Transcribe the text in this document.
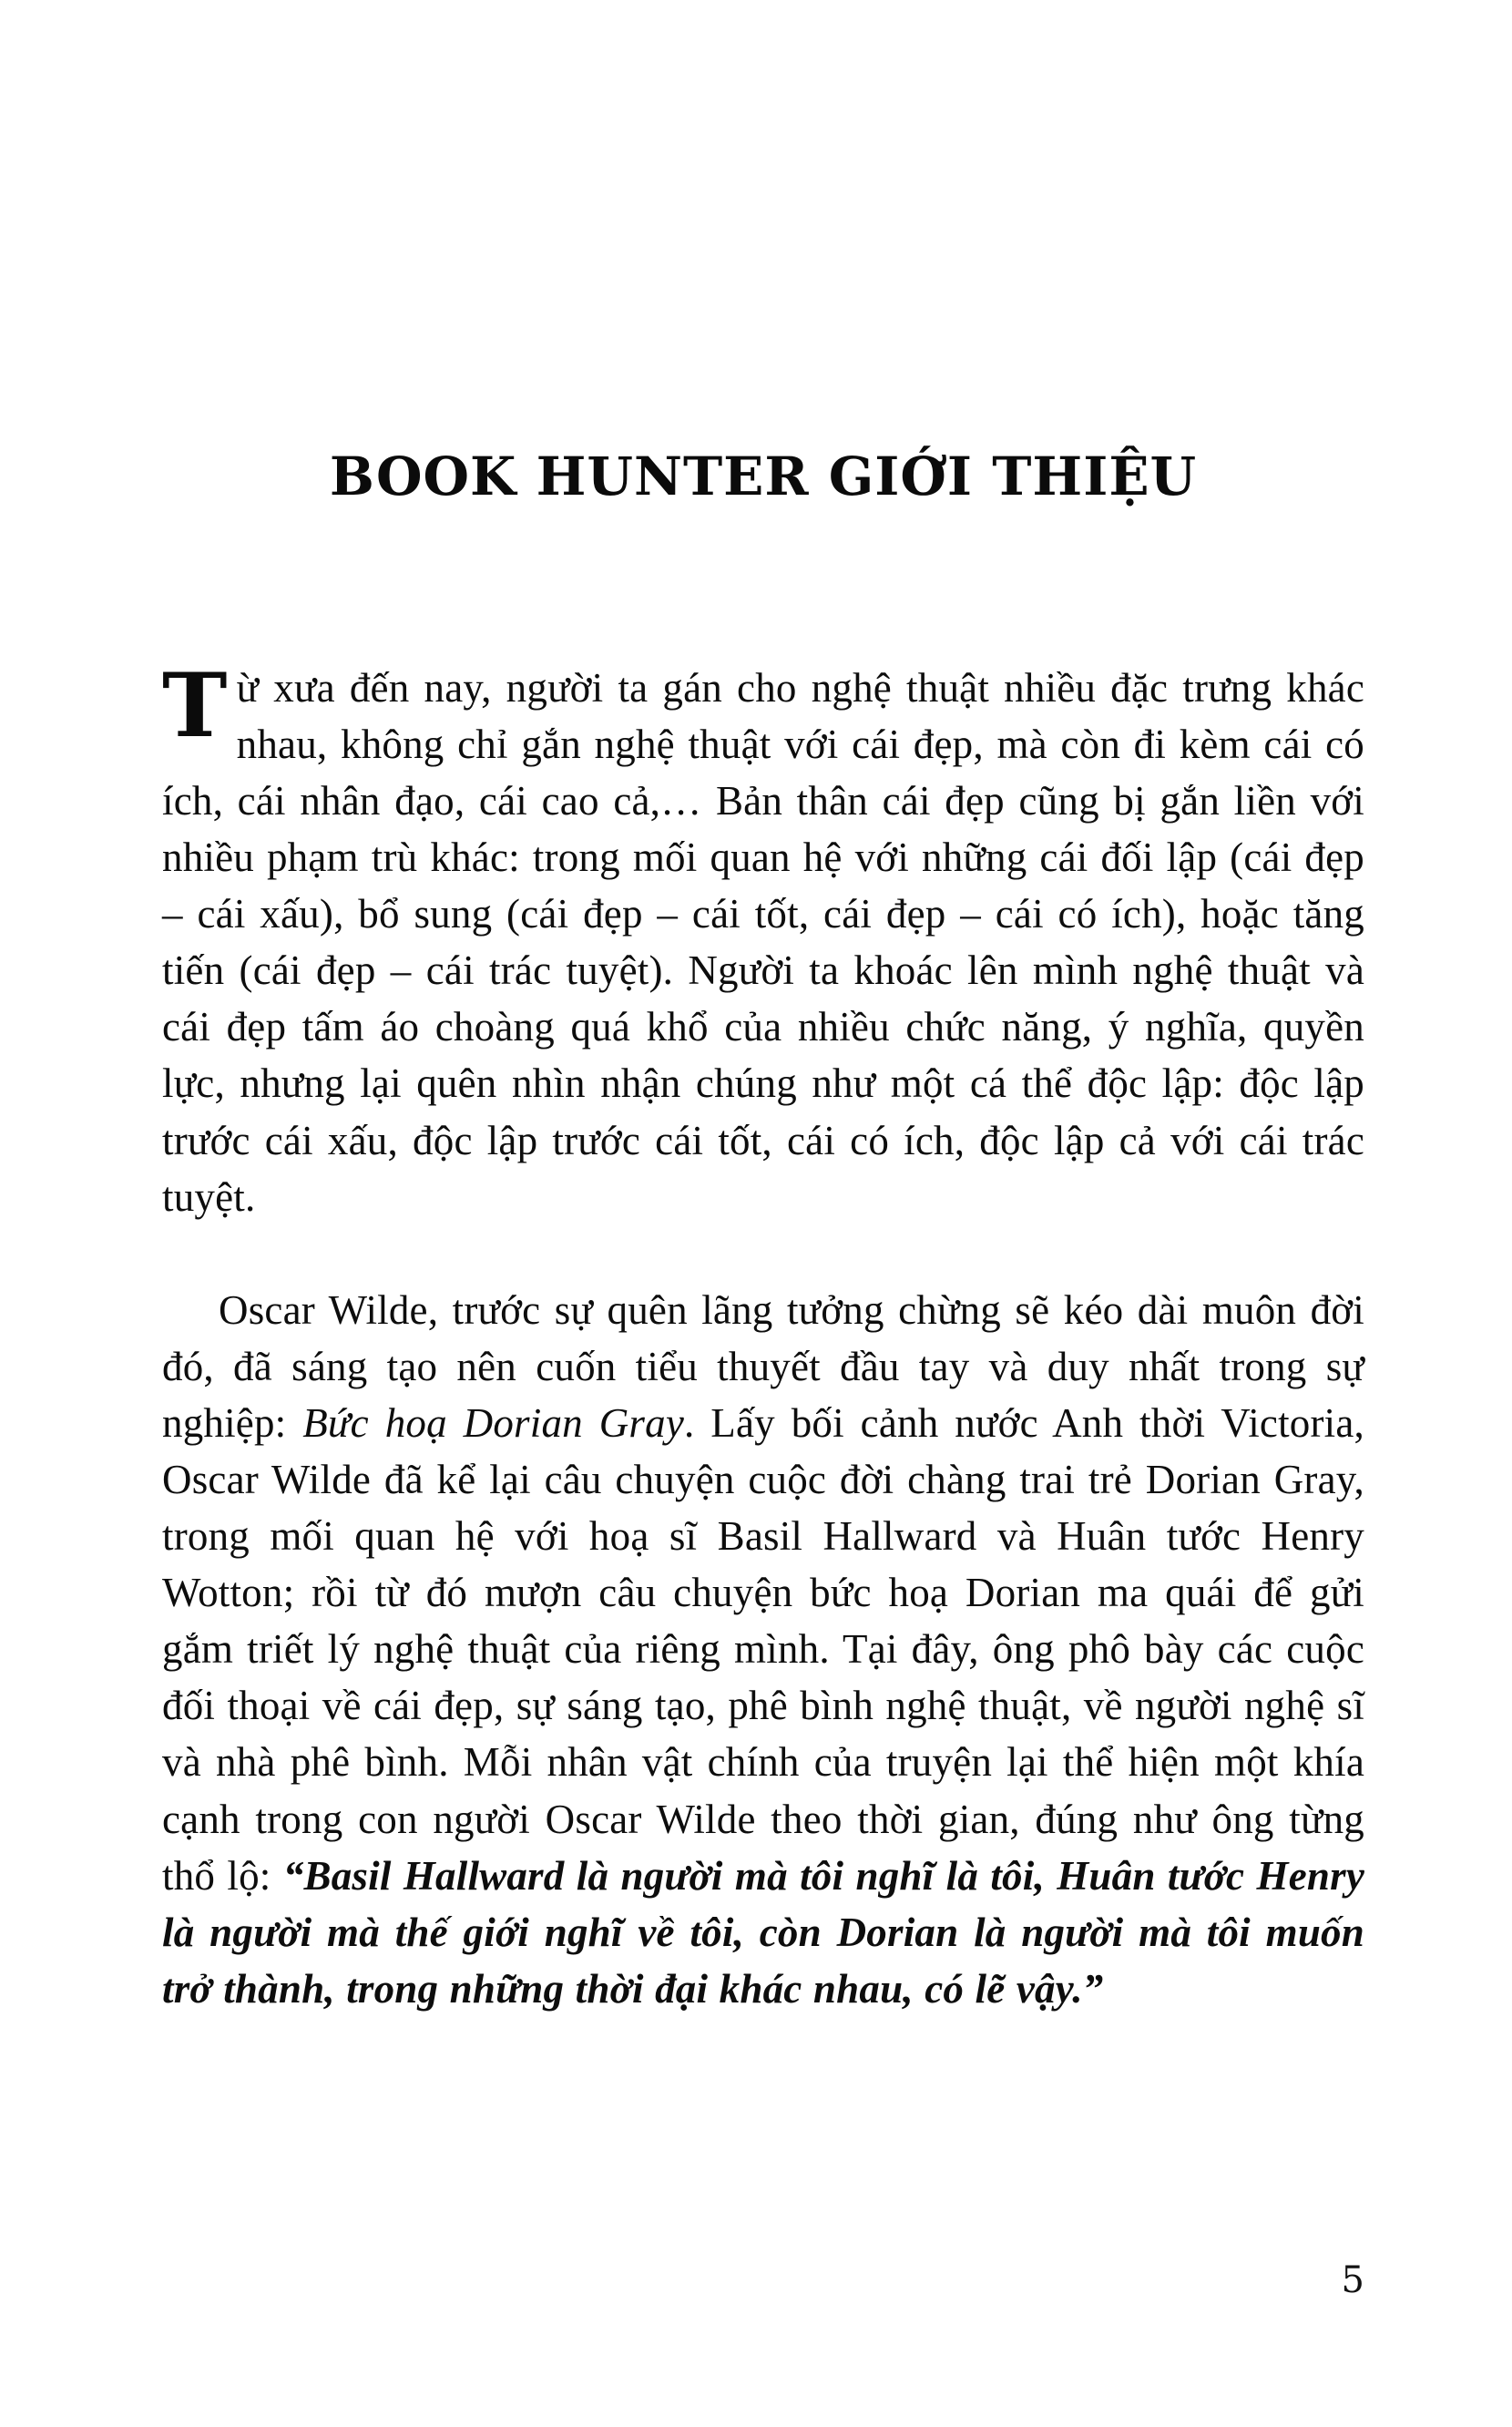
BOOK HUNTER GIỚI THIỆU

Từ xưa đến nay, người ta gán cho nghệ thuật nhiều đặc trưng khác nhau, không chỉ gắn nghệ thuật với cái đẹp, mà còn đi kèm cái có ích, cái nhân đạo, cái cao cả,… Bản thân cái đẹp cũng bị gắn liền với nhiều phạm trù khác: trong mối quan hệ với những cái đối lập (cái đẹp – cái xấu), bổ sung (cái đẹp – cái tốt, cái đẹp – cái có ích), hoặc tăng tiến (cái đẹp – cái trác tuyệt). Người ta khoác lên mình nghệ thuật và cái đẹp tấm áo choàng quá khổ của nhiều chức năng, ý nghĩa, quyền lực, nhưng lại quên nhìn nhận chúng như một cá thể độc lập: độc lập trước cái xấu, độc lập trước cái tốt, cái có ích, độc lập cả với cái trác tuyệt.

Oscar Wilde, trước sự quên lãng tưởng chừng sẽ kéo dài muôn đời đó, đã sáng tạo nên cuốn tiểu thuyết đầu tay và duy nhất trong sự nghiệp: Bức hoạ Dorian Gray. Lấy bối cảnh nước Anh thời Victoria, Oscar Wilde đã kể lại câu chuyện cuộc đời chàng trai trẻ Dorian Gray, trong mối quan hệ với hoạ sĩ Basil Hallward và Huân tước Henry Wotton; rồi từ đó mượn câu chuyện bức hoạ Dorian ma quái để gửi gắm triết lý nghệ thuật của riêng mình. Tại đây, ông phô bày các cuộc đối thoại về cái đẹp, sự sáng tạo, phê bình nghệ thuật, về người nghệ sĩ và nhà phê bình. Mỗi nhân vật chính của truyện lại thể hiện một khía cạnh trong con người Oscar Wilde theo thời gian, đúng như ông từng thổ lộ: “Basil Hallward là người mà tôi nghĩ là tôi, Huân tước Henry là người mà thế giới nghĩ về tôi, còn Dorian là người mà tôi muốn trở thành, trong những thời đại khác nhau, có lẽ vậy.”

5
